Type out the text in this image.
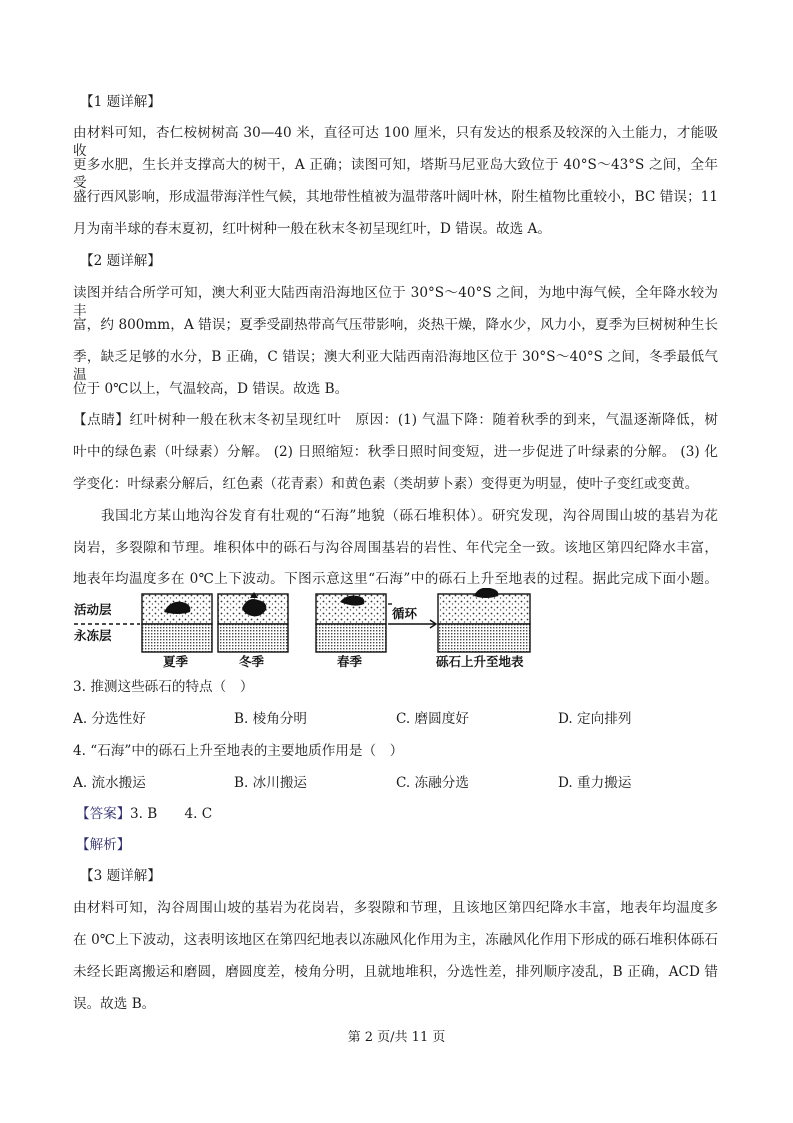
【1 题详解】
由材料可知，杏仁桉树树高 30—40 米，直径可达 100 厘米，只有发达的根系及较深的入土能力，才能吸收
更多水肥，生长并支撑高大的树干，A 正确；读图可知，塔斯马尼亚岛大致位于 40°S～43°S 之间，全年受
盛行西风影响，形成温带海洋性气候，其地带性植被为温带落叶阔叶林，附生植物比重较小，BC 错误；11
月为南半球的春末夏初，红叶树种一般在秋末冬初呈现红叶，D 错误。故选 A。
【2 题详解】
读图并结合所学可知，澳大利亚大陆西南沿海地区位于 30°S～40°S 之间，为地中海气候，全年降水较为丰
富，约 800mm，A 错误；夏季受副热带高气压带影响，炎热干燥，降水少，风力小，夏季为巨树树种生长
季，缺乏足够的水分，B 正确，C 错误；澳大利亚大陆西南沿海地区位于 30°S～40°S 之间，冬季最低气温
位于 0℃以上，气温较高，D 错误。故选 B。
【点睛】红叶树种一般在秋末冬初呈现红叶　原因：(1) 气温下降：随着秋季的到来，气温逐渐降低，树
叶中的绿色素（叶绿素）分解。 (2) 日照缩短：秋季日照时间变短，进一步促进了叶绿素的分解。 (3) 化
学变化：叶绿素分解后，红色素（花青素）和黄色素（类胡萝卜素）变得更为明显，使叶子变红或变黄。
我国北方某山地沟谷发育有壮观的“石海”地貌（砾石堆积体）。研究发现，沟谷周围山坡的基岩为花
岗岩，多裂隙和节理。堆积体中的砾石与沟谷周围基岩的岩性、年代完全一致。该地区第四纪降水丰富，
地表年均温度多在 0℃上下波动。下图示意这里“石海”中的砾石上升至地表的过程。据此完成下面小题。
活动层
永冻层
循环
夏季	冬季	春季	砾石上升至地表
3. 推测这些砾石的特点（　）
A. 分选性好	B. 棱角分明	C. 磨圆度好	D. 定向排列
4. “石海”中的砾石上升至地表的主要地质作用是（　）
A. 流水搬运	B. 冰川搬运	C. 冻融分选	D. 重力搬运
【答案】 3. B　　4. C
【解析】
【3 题详解】
由材料可知，沟谷周围山坡的基岩为花岗岩，多裂隙和节理，且该地区第四纪降水丰富，地表年均温度多
在 0℃上下波动，这表明该地区在第四纪地表以冻融风化作用为主，冻融风化作用下形成的砾石堆积体砾石
未经长距离搬运和磨圆，磨圆度差，棱角分明，且就地堆积，分选性差，排列顺序凌乱，B 正确，ACD 错
误。故选 B。
第 2 页/共 11 页
